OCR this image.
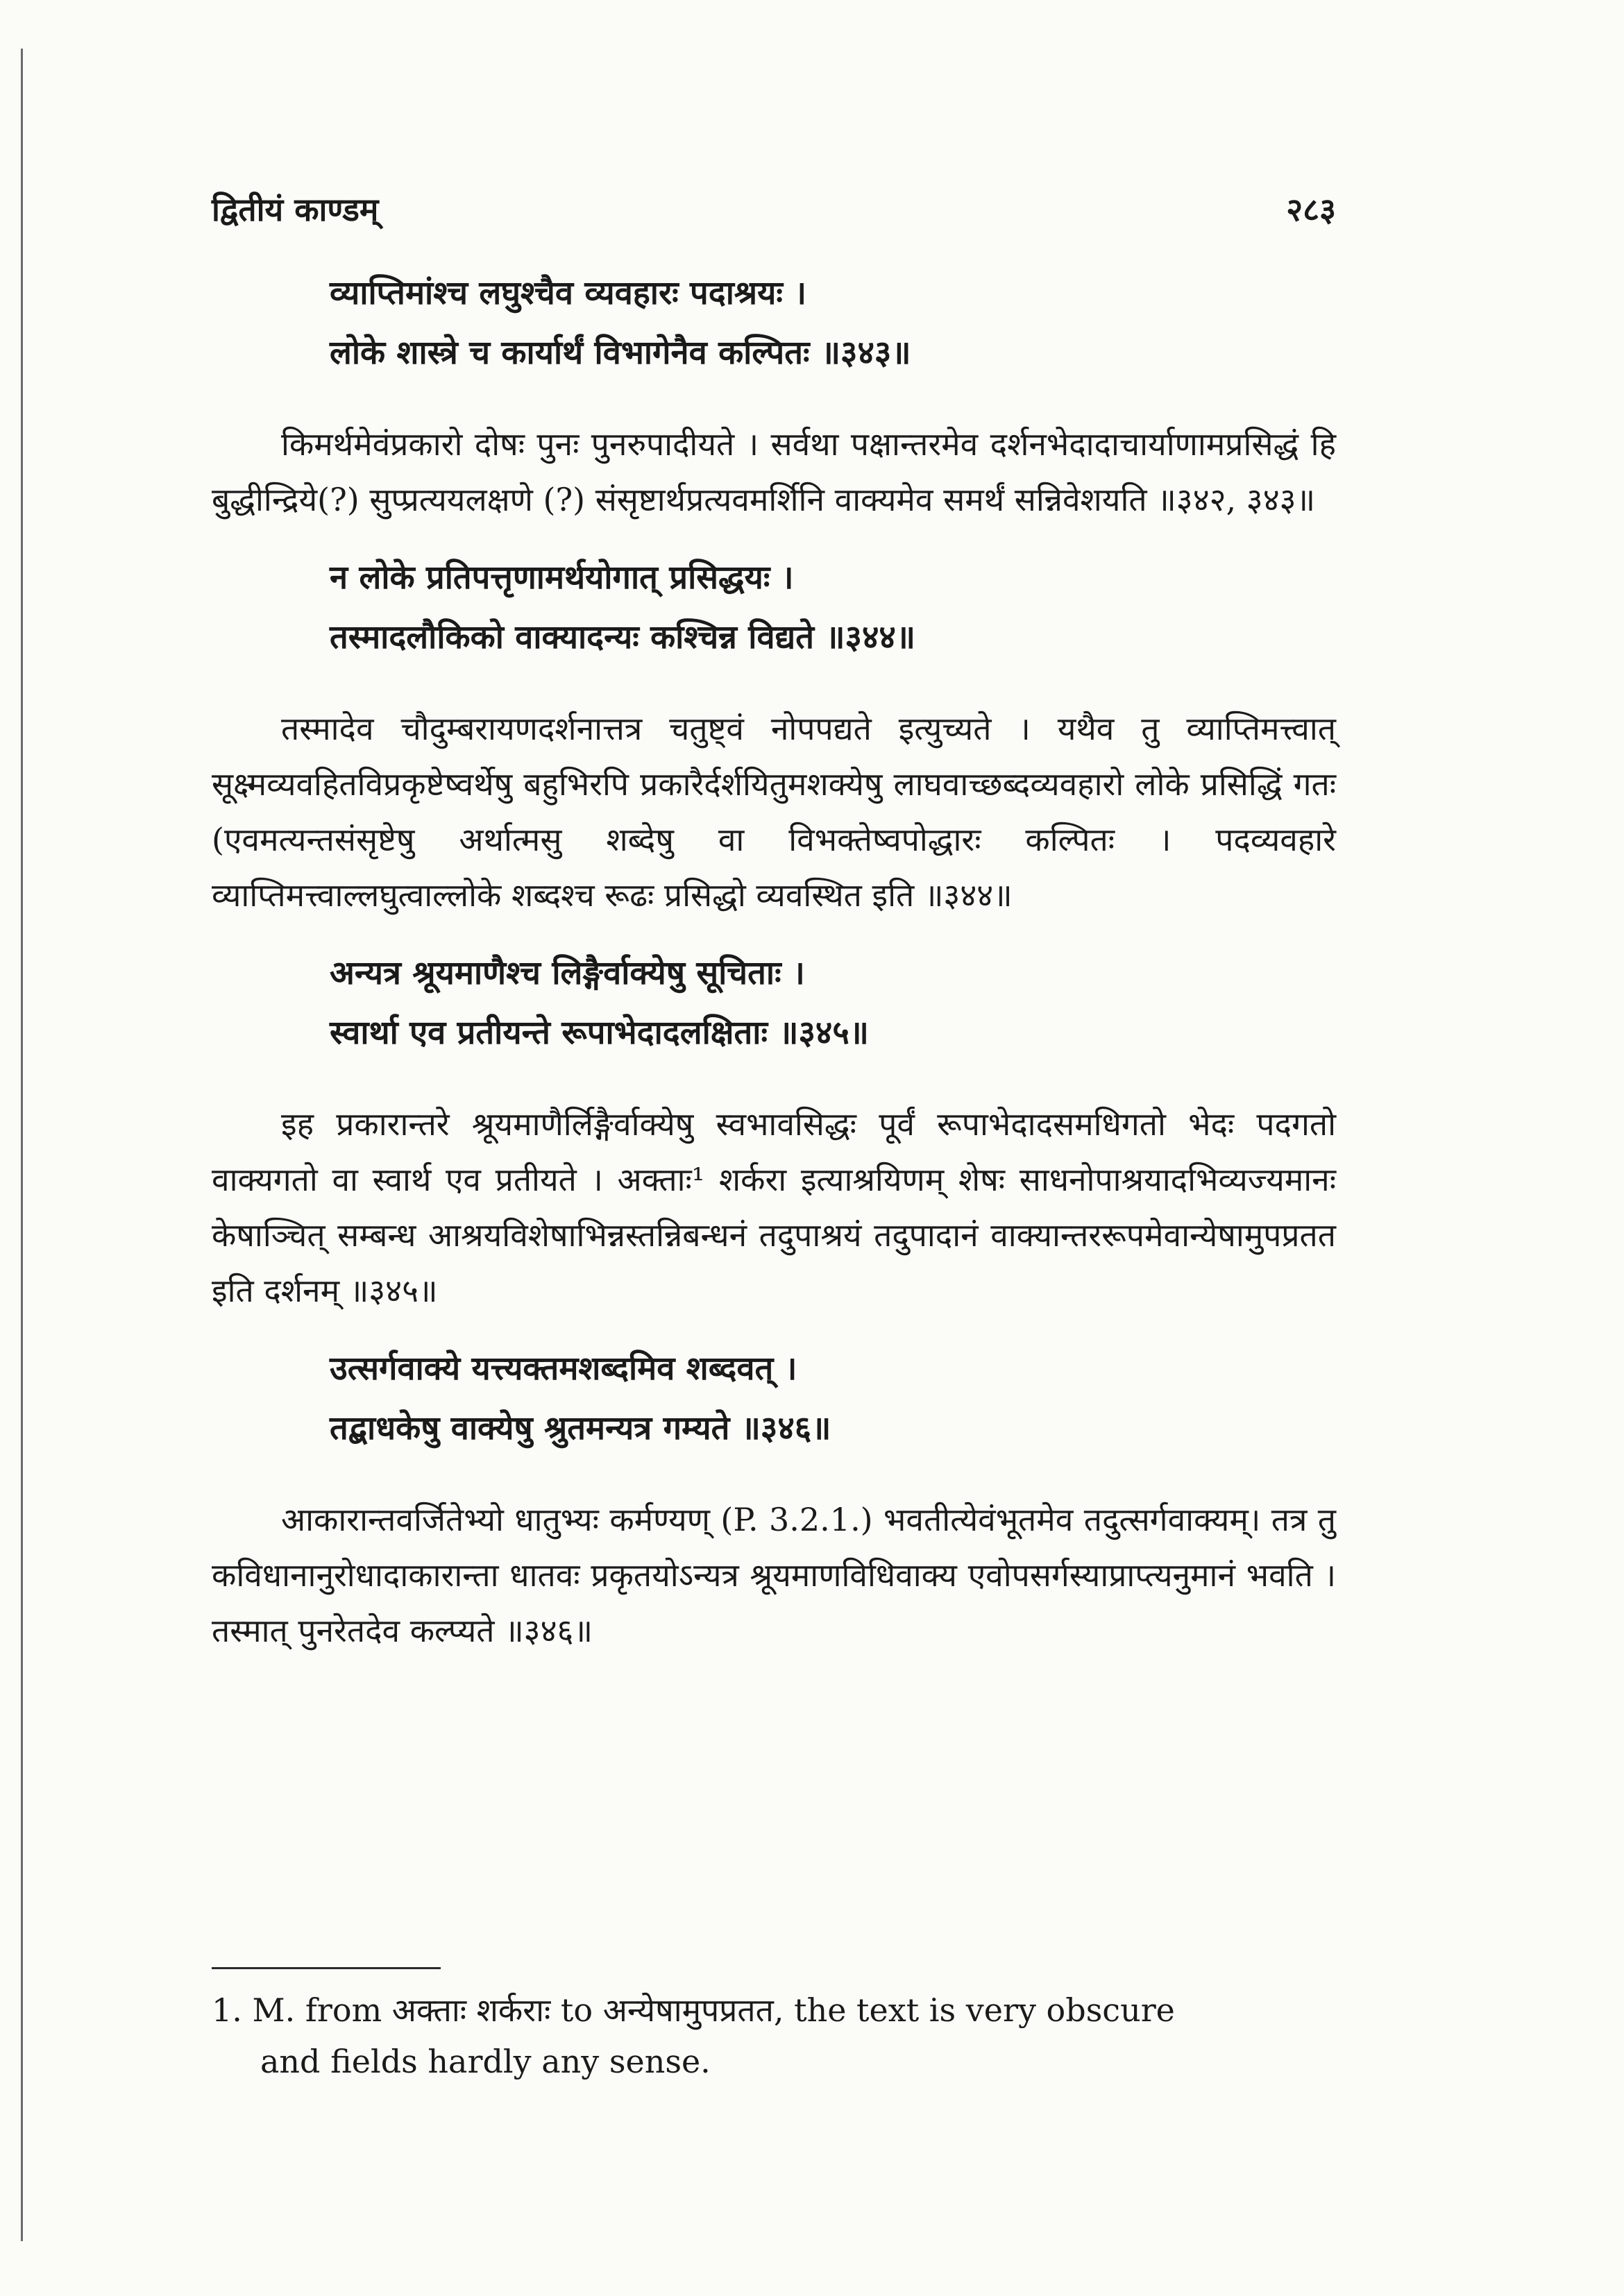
द्वितीयं काण्डम्	२८३
व्याप्तिमांश्च लघुश्चैव व्यवहारः पदाश्रयः ।
लोके शास्त्रे च कार्यार्थं विभागेनैव कल्पितः ॥३४३॥

किमर्थमेवंप्रकारो दोषः पुनः पुनरुपादीयते । सर्वथा पक्षान्तरमेव दर्शनभेदादाचार्याणामप्रसिद्धं हि बुद्धीन्द्रिये(?) सुप्प्रत्ययलक्षणे (?) संसृष्टार्थप्रत्यवमर्शिनि वाक्यमेव समर्थं सन्निवेशयति ॥३४२, ३४३॥

न लोके प्रतिपत्तृणामर्थयोगात् प्रसिद्धयः ।
तस्मादलौकिको वाक्यादन्यः कश्चिन्न विद्यते ॥३४४॥

तस्मादेव चौदुम्बरायणदर्शनात्तत्र चतुष्ट्वं नोपपद्यते इत्युच्यते । यथैव तु व्याप्तिमत्त्वात् सूक्ष्मव्यवहितविप्रकृष्टेष्वर्थेषु बहुभिरपि प्रकारैर्दर्शयितुमशक्येषु लाघवाच्छब्दव्यवहारो लोके प्रसिद्धिं गतः (एवमत्यन्तसंसृष्टेषु अर्थात्मसु शब्देषु वा विभक्तेष्वपोद्धारः कल्पितः । पदव्यवहारे व्याप्तिमत्त्वाल्लघुत्वाल्लोके शब्दश्च रूढः प्रसिद्धो व्यवस्थित इति ॥३४४॥

अन्यत्र श्रूयमाणैश्च लिङ्गैर्वाक्येषु सूचिताः ।
स्वार्था एव प्रतीयन्ते रूपाभेदादलक्षिताः ॥३४५॥

इह प्रकारान्तरे श्रूयमाणैर्लिङ्गैर्वाक्येषु स्वभावसिद्धः पूर्वं रूपाभेदादसमधिगतो भेदः पदगतो वाक्यगतो वा स्वार्थ एव प्रतीयते । अक्ताः¹ शर्करा इत्याश्रयिणम् शेषः साधनोपाश्रयादभिव्यज्यमानः केषाञ्चित् सम्बन्ध आश्रयविशेषाभिन्नस्तन्निबन्धनं तदुपाश्रयं तदुपादानं वाक्यान्तररूपमेवान्येषामुपप्रतत इति दर्शनम् ॥३४५॥

उत्सर्गवाक्ये यत्त्यक्तमशब्दमिव शब्दवत् ।
तद्बाधकेषु वाक्येषु श्रुतमन्यत्र गम्यते ॥३४६॥

आकारान्तवर्जितेभ्यो धातुभ्यः कर्मण्यण् (P. 3.2.1.) भवतीत्येवंभूतमेव तदुत्सर्गवाक्यम्। तत्र तु कविधानानुरोधादाकारान्ता धातवः प्रकृतयोऽन्यत्र श्रूयमाणविधिवाक्य एवोपसर्गस्याप्राप्त्यनुमानं भवति । तस्मात् पुनरेतदेव कल्प्यते ॥३४६॥

1. M. from अक्ताः शर्कराः to अन्येषामुपप्रतत, the text is very obscure
and fields hardly any sense.
